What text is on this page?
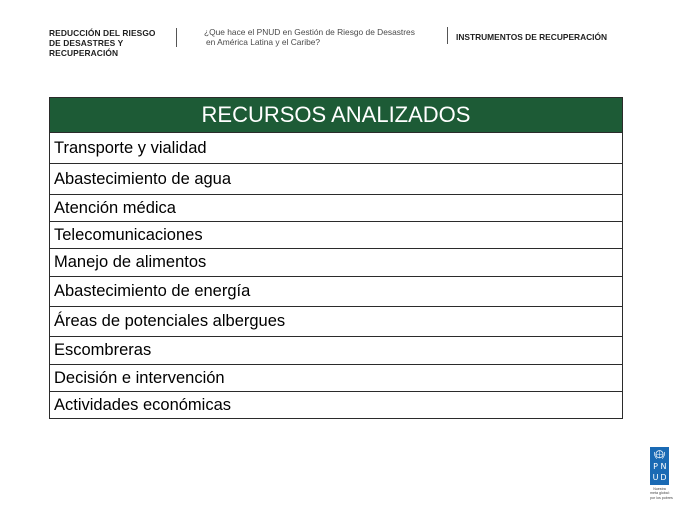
REDUCCIÓN DEL RIESGO
DE DESASTRES Y
RECUPERACIÓN
¿Que hace el PNUD en Gestión de Riesgo de Desastres
en América Latina y el Caribe?	INSTRUMENTOS DE RECUPERACIÓN
RECURSOS ANALIZADOS
Transporte y vialidad
Abastecimiento de agua
Atención médica
Telecomunicaciones
Manejo de alimentos
Abastecimiento de energía
Áreas de potenciales albergues
Escombreras
Decisión e intervención
Actividades económicas
P N
U D
Nuestra
meta global:
por los pobres
